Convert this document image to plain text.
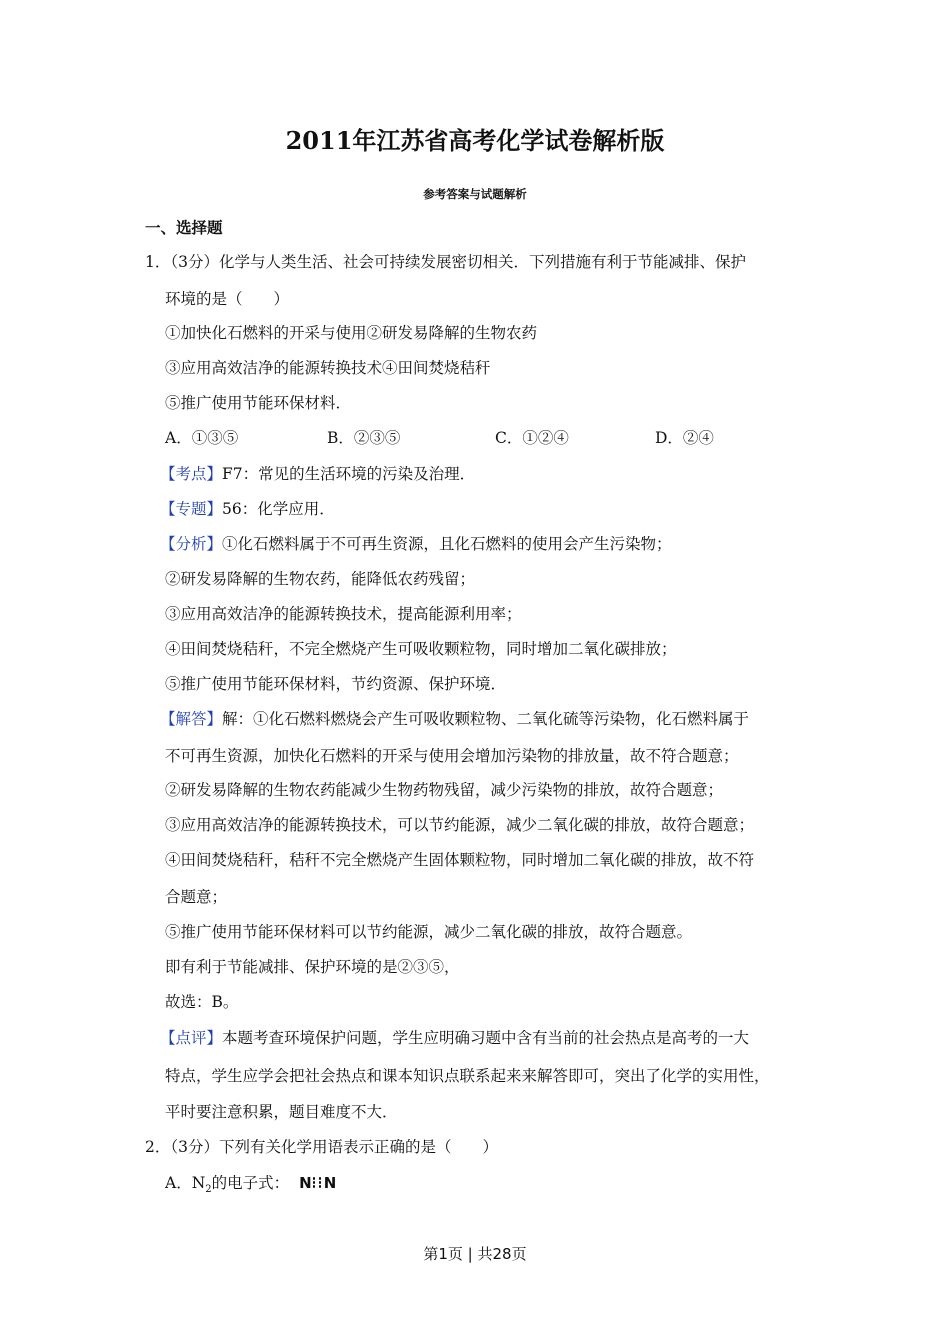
2011年江苏省高考化学试卷解析版
参考答案与试题解析
一、选择题
1．（3分）化学与人类生活、社会可持续发展密切相关．下列措施有利于节能减排、保护
环境的是（　　）
①加快化石燃料的开采与使用②研发易降解的生物农药
③应用高效洁净的能源转换技术④田间焚烧秸秆
⑤推广使用节能环保材料．
A．①③⑤	B．②③⑤	C．①②④	D．②④
【考点】F7：常见的生活环境的污染及治理．
【专题】56：化学应用．
【分析】①化石燃料属于不可再生资源，且化石燃料的使用会产生污染物；
②研发易降解的生物农药，能降低农药残留；
③应用高效洁净的能源转换技术，提高能源利用率；
④田间焚烧秸秆，不完全燃烧产生可吸收颗粒物，同时增加二氧化碳排放；
⑤推广使用节能环保材料，节约资源、保护环境．
【解答】解：①化石燃料燃烧会产生可吸收颗粒物、二氧化硫等污染物，化石燃料属于
不可再生资源，加快化石燃料的开采与使用会增加污染物的排放量，故不符合题意；
②研发易降解的生物农药能减少生物药物残留，减少污染物的排放，故符合题意；
③应用高效洁净的能源转换技术，可以节约能源，减少二氧化碳的排放，故符合题意；
④田间焚烧秸秆，秸秆不完全燃烧产生固体颗粒物，同时增加二氧化碳的排放，故不符
合题意；
⑤推广使用节能环保材料可以节约能源，减少二氧化碳的排放，故符合题意。
即有利于节能减排、保护环境的是②③⑤，
故选：B。
【点评】本题考查环境保护问题，学生应明确习题中含有当前的社会热点是高考的一大
特点，学生应学会把社会热点和课本知识点联系起来来解答即可，突出了化学的实用性，
平时要注意积累，题目难度不大．
2．（3分）下列有关化学用语表示正确的是（　　）
A．$N_2$的电子式： N N
第1页 | 共28页
